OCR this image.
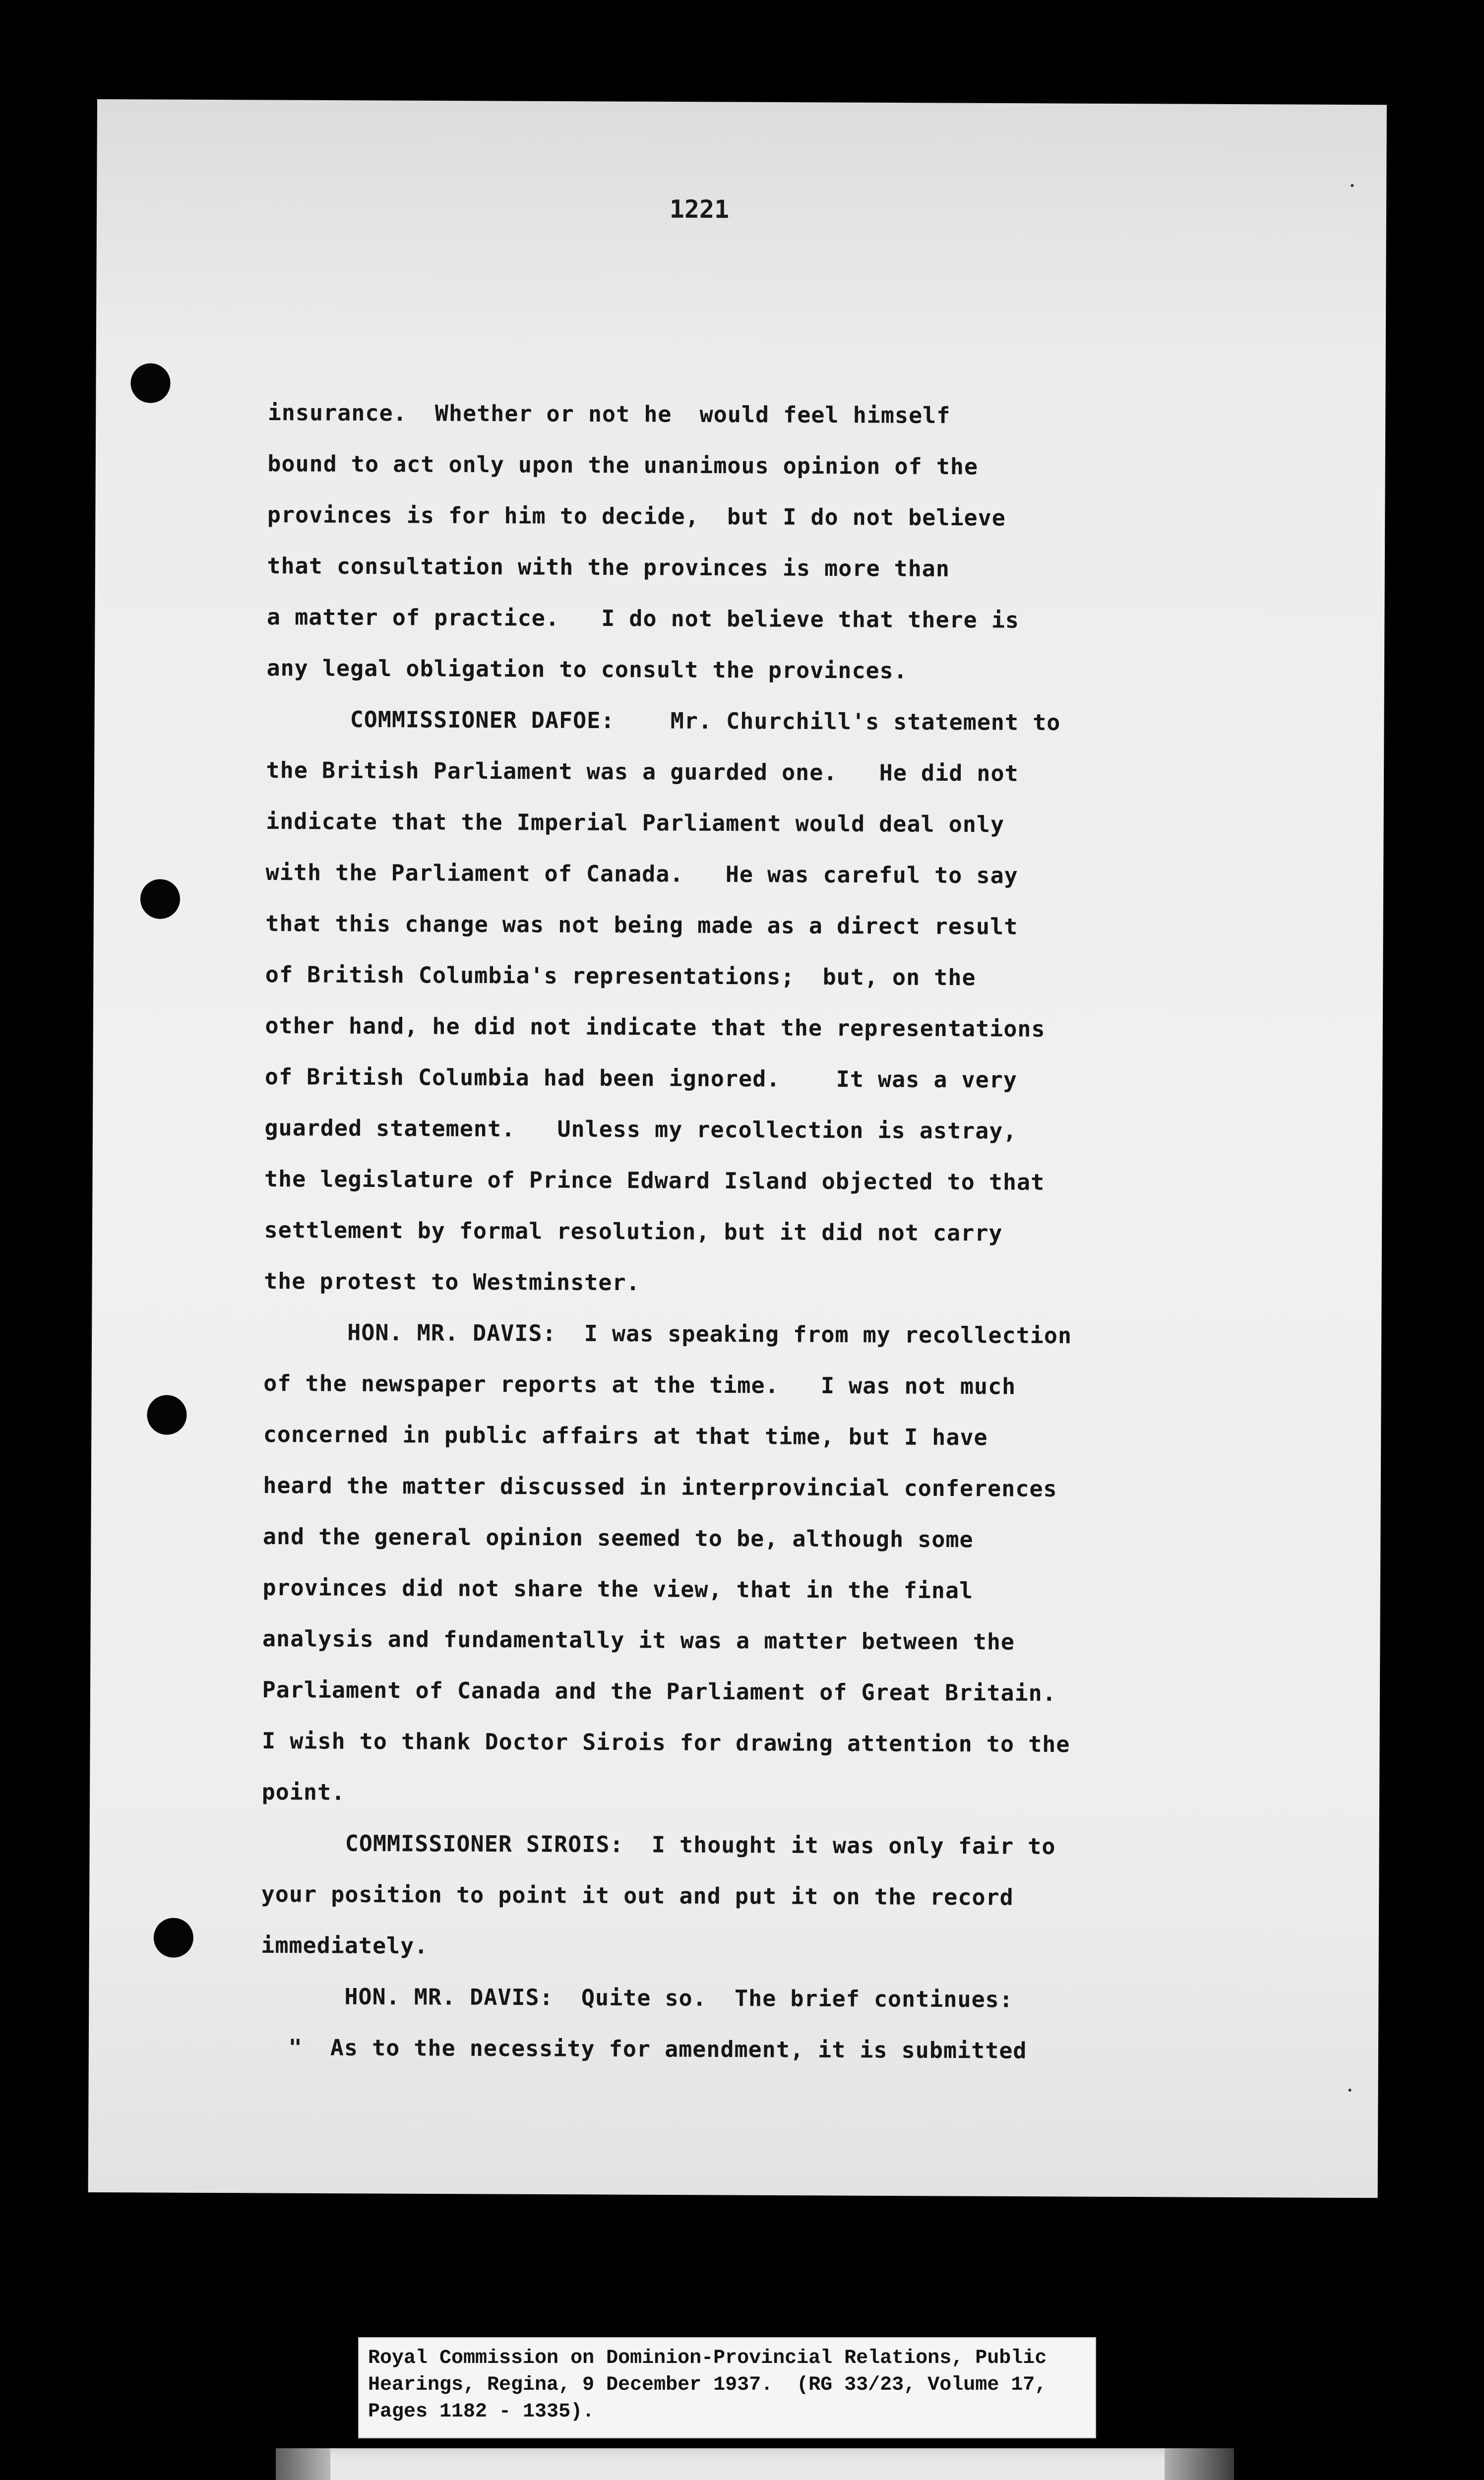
1221
insurance.  Whether or not he  would feel himself
bound to act only upon the unanimous opinion of the
provinces is for him to decide,  but I do not believe
that consultation with the provinces is more than
a matter of practice.   I do not believe that there is
any legal obligation to consult the provinces.
COMMISSIONER DAFOE:    Mr. Churchill's statement to
the British Parliament was a guarded one.   He did not
indicate that the Imperial Parliament would deal only
with the Parliament of Canada.   He was careful to say
that this change was not being made as a direct result
of British Columbia's representations;  but, on the
other hand, he did not indicate that the representations
of British Columbia had been ignored.    It was a very
guarded statement.   Unless my recollection is astray,
the legislature of Prince Edward Island objected to that
settlement by formal resolution, but it did not carry
the protest to Westminster.
HON. MR. DAVIS:  I was speaking from my recollection
of the newspaper reports at the time.   I was not much
concerned in public affairs at that time, but I have
heard the matter discussed in interprovincial conferences
and the general opinion seemed to be, although some
provinces did not share the view, that in the final
analysis and fundamentally it was a matter between the
Parliament of Canada and the Parliament of Great Britain.
I wish to thank Doctor Sirois for drawing attention to the
point.
COMMISSIONER SIROIS:  I thought it was only fair to
your position to point it out and put it on the record
immediately.
HON. MR. DAVIS:  Quite so.  The brief continues:
"  As to the necessity for amendment, it is submitted
Royal Commission on Dominion-Provincial Relations, Public
Hearings, Regina, 9 December 1937.  (RG 33/23, Volume 17,
Pages 1182 - 1335).
